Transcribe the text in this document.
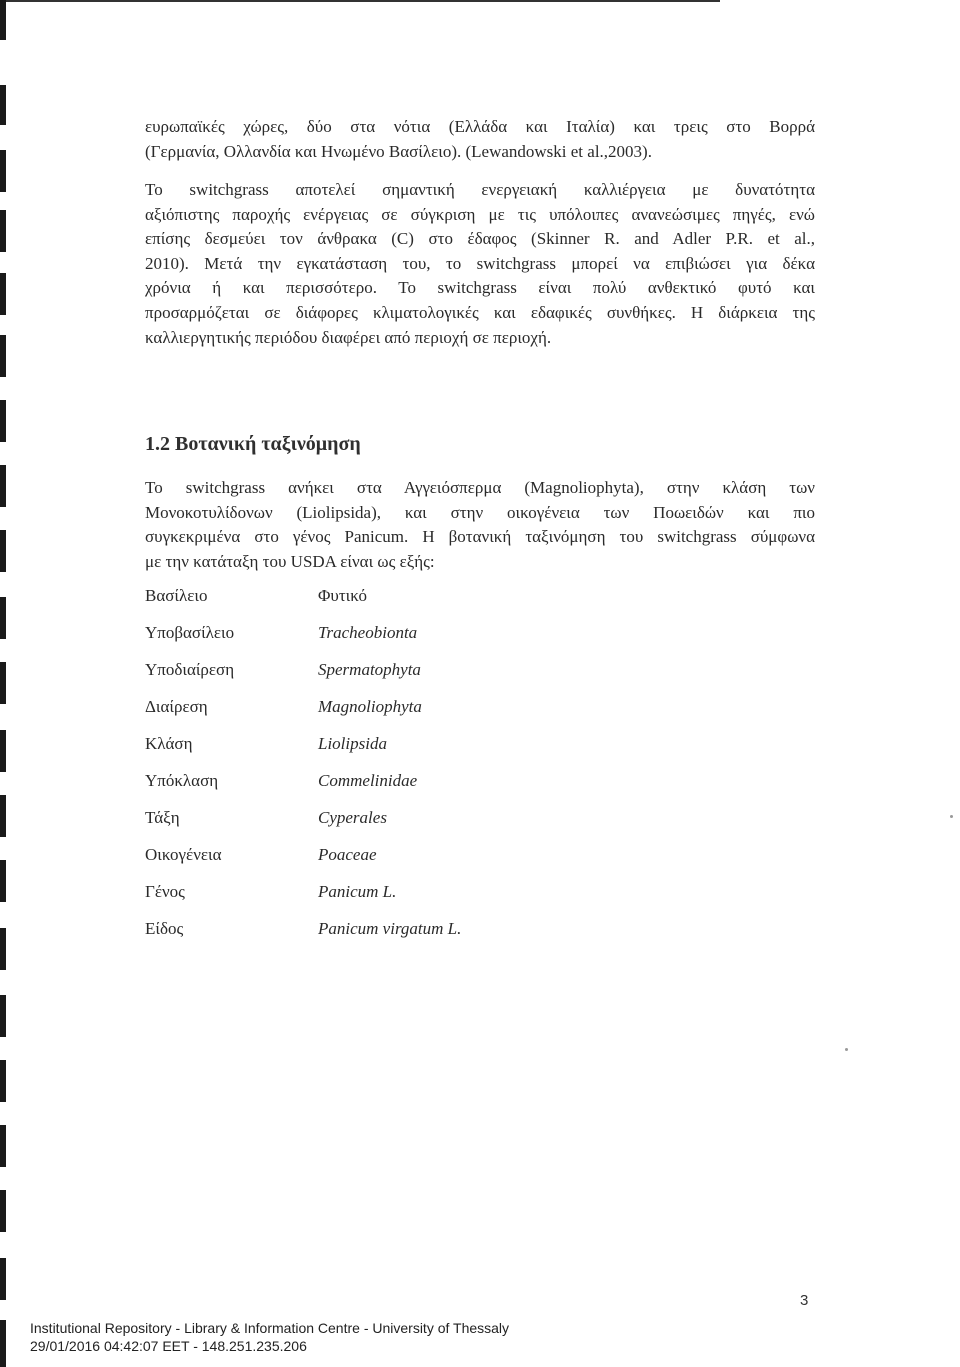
ευρωπαϊκές χώρες, δύο στα νότια (Ελλάδα και Ιταλία) και τρεις στο Βορρά
(Γερμανία, Ολλανδία και Ηνωμένο Βασίλειο). (Lewandowski et al.,2003).

Το switchgrass αποτελεί σημαντική ενεργειακή καλλιέργεια με δυνατότητα
αξιόπιστης παροχής ενέργειας σε σύγκριση με τις υπόλοιπες ανανεώσιμες πηγές, ενώ
επίσης δεσμεύει τον άνθρακα (C) στο έδαφος (Skinner R. and Adler P.R. et al.,
2010). Μετά την εγκατάσταση του, το switchgrass μπορεί να επιβιώσει για δέκα
χρόνια ή και περισσότερο. Το switchgrass είναι πολύ ανθεκτικό φυτό και
προσαρμόζεται σε διάφορες κλιματολογικές και εδαφικές συνθήκες. Η διάρκεια της
καλλιεργητικής περιόδου διαφέρει από περιοχή σε περιοχή.

1.2 Βοτανική ταξινόμηση

Το switchgrass ανήκει στα Αγγειόσπερμα (Magnoliophyta), στην κλάση των
Μονοκοτυλίδονων (Liolipsida), και στην οικογένεια των Ποωειδών και πιο
συγκεκριμένα στο γένος Panicum. Η βοτανική ταξινόμηση του switchgrass σύμφωνα
με την κατάταξη του USDA είναι ως εξής:

Βασίλειο	Φυτικό
Υποβασίλειο	Tracheobionta
Υποδιαίρεση	Spermatophyta
Διαίρεση	Magnoliophyta
Κλάση	Liolipsida
Υπόκλαση	Commelinidae
Τάξη	Cyperales
Οικογένεια	Poaceae
Γένος	Panicum L.
Είδος	Panicum virgatum L.
3
Institutional Repository - Library & Information Centre - University of Thessaly
29/01/2016 04:42:07 EET - 148.251.235.206
